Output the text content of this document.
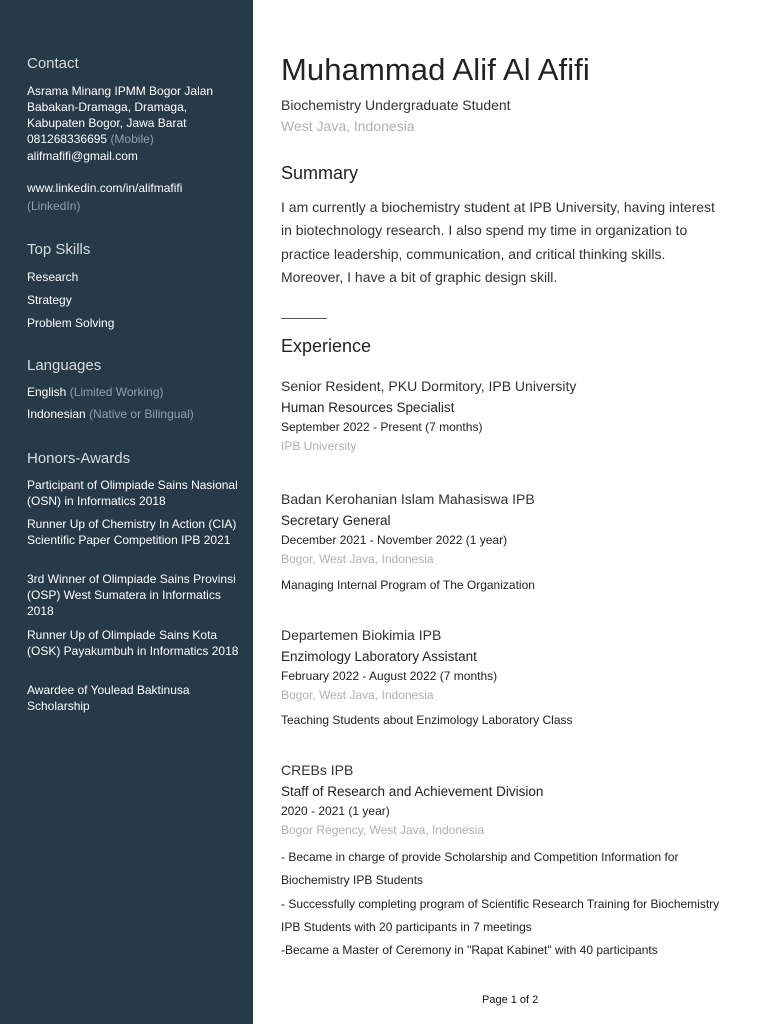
Contact
Asrama Minang IPMM Bogor Jalan Babakan-Dramaga, Dramaga, Kabupaten Bogor, Jawa Barat
081268336695 (Mobile)
alifmafifi@gmail.com
www.linkedin.com/in/alifmafifi
(LinkedIn)
Top Skills
Research
Strategy
Problem Solving
Languages
English (Limited Working)
Indonesian (Native or Bilingual)
Honors-Awards
Participant of Olimpiade Sains Nasional (OSN) in Informatics 2018
Runner Up of Chemistry In Action (CIA) Scientific Paper Competition IPB 2021
3rd Winner of Olimpiade Sains Provinsi (OSP) West Sumatera in Informatics 2018
Runner Up of Olimpiade Sains Kota (OSK) Payakumbuh in Informatics 2018
Awardee of Youlead Baktinusa Scholarship
Muhammad Alif Al Afifi
Biochemistry Undergraduate Student
West Java, Indonesia
Summary
I am currently a biochemistry student at IPB University, having interest in biotechnology research. I also spend my time in organization to practice leadership, communication, and critical thinking skills. Moreover, I have a bit of graphic design skill.
Experience
Senior Resident, PKU Dormitory, IPB University
Human Resources Specialist
September 2022 - Present (7 months)
IPB University
Badan Kerohanian Islam Mahasiswa IPB
Secretary General
December 2021 - November 2022 (1 year)
Bogor, West Java, Indonesia

Managing Internal Program of The Organization

Departemen Biokimia IPB
Enzimology Laboratory Assistant
February 2022 - August 2022 (7 months)
Bogor, West Java, Indonesia

Teaching Students about Enzimology Laboratory Class

CREBs IPB
Staff of Research and Achievement Division
2020 - 2021 (1 year)
Bogor Regency, West Java, Indonesia

- Became in charge of provide Scholarship and Competition Information for Biochemistry IPB Students

- Successfully completing program of Scientific Research Training for Biochemistry IPB Students with 20 participants in 7 meetings

-Became a Master of Ceremony in "Rapat Kabinet" with 40 participants

Page 1 of 2
